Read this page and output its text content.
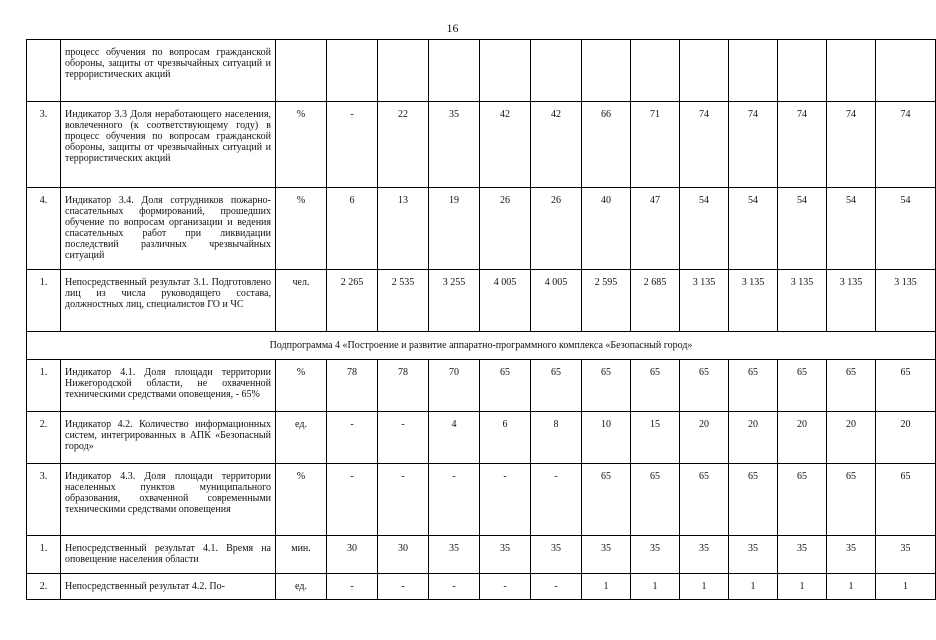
16
	процесс обучения по вопросам гражданской обороны, защиты от чрезвычайных ситуаций и террористических акций													
3.	Индикатор 3.3 Доля неработающего населения, вовлеченного (к соответствующему году) в процесс обучения по вопросам гражданской обороны, защиты от чрезвычайных ситуаций и террористических акций	%	-	22	35	42	42	66	71	74	74	74	74	74
4.	Индикатор 3.4. Доля сотрудников пожарно-спасательных формирований, прошедших обучение по вопросам организации и ведения спасательных работ при ликвидации последствий различных чрезвычайных ситуаций	%	6	13	19	26	26	40	47	54	54	54	54	54
1.	Непосредственный результат 3.1. Подготовлено лиц из числа руководящего состава, должностных лиц, специалистов ГО и ЧС	чел.	2 265	2 535	3 255	4 005	4 005	2 595	2 685	3 135	3 135	3 135	3 135	3 135
Подпрограмма 4 «Построение и развитие аппаратно-программного комплекса «Безопасный город»														
1.	Индикатор 4.1. Доля площади территории Нижегородской области, не охваченной техническими средствами оповещения, - 65%	%	78	78	70	65	65	65	65	65	65	65	65	65
2.	Индикатор 4.2. Количество информационных систем, интегрированных в АПК «Безопасный город»	ед.	-	-	4	6	8	10	15	20	20	20	20	20
3.	Индикатор 4.3. Доля площади территории населенных пунктов муниципального образования, охваченной современными техническими средствами оповещения	%	-	-	-	-	-	65	65	65	65	65	65	65
1.	Непосредственный результат 4.1. Время на оповещение населения области	мин.	30	30	35	35	35	35	35	35	35	35	35	35
2.	Непосредственный результат 4.2. По-	ед.	-	-	-	-	-	1	1	1	1	1	1	1
